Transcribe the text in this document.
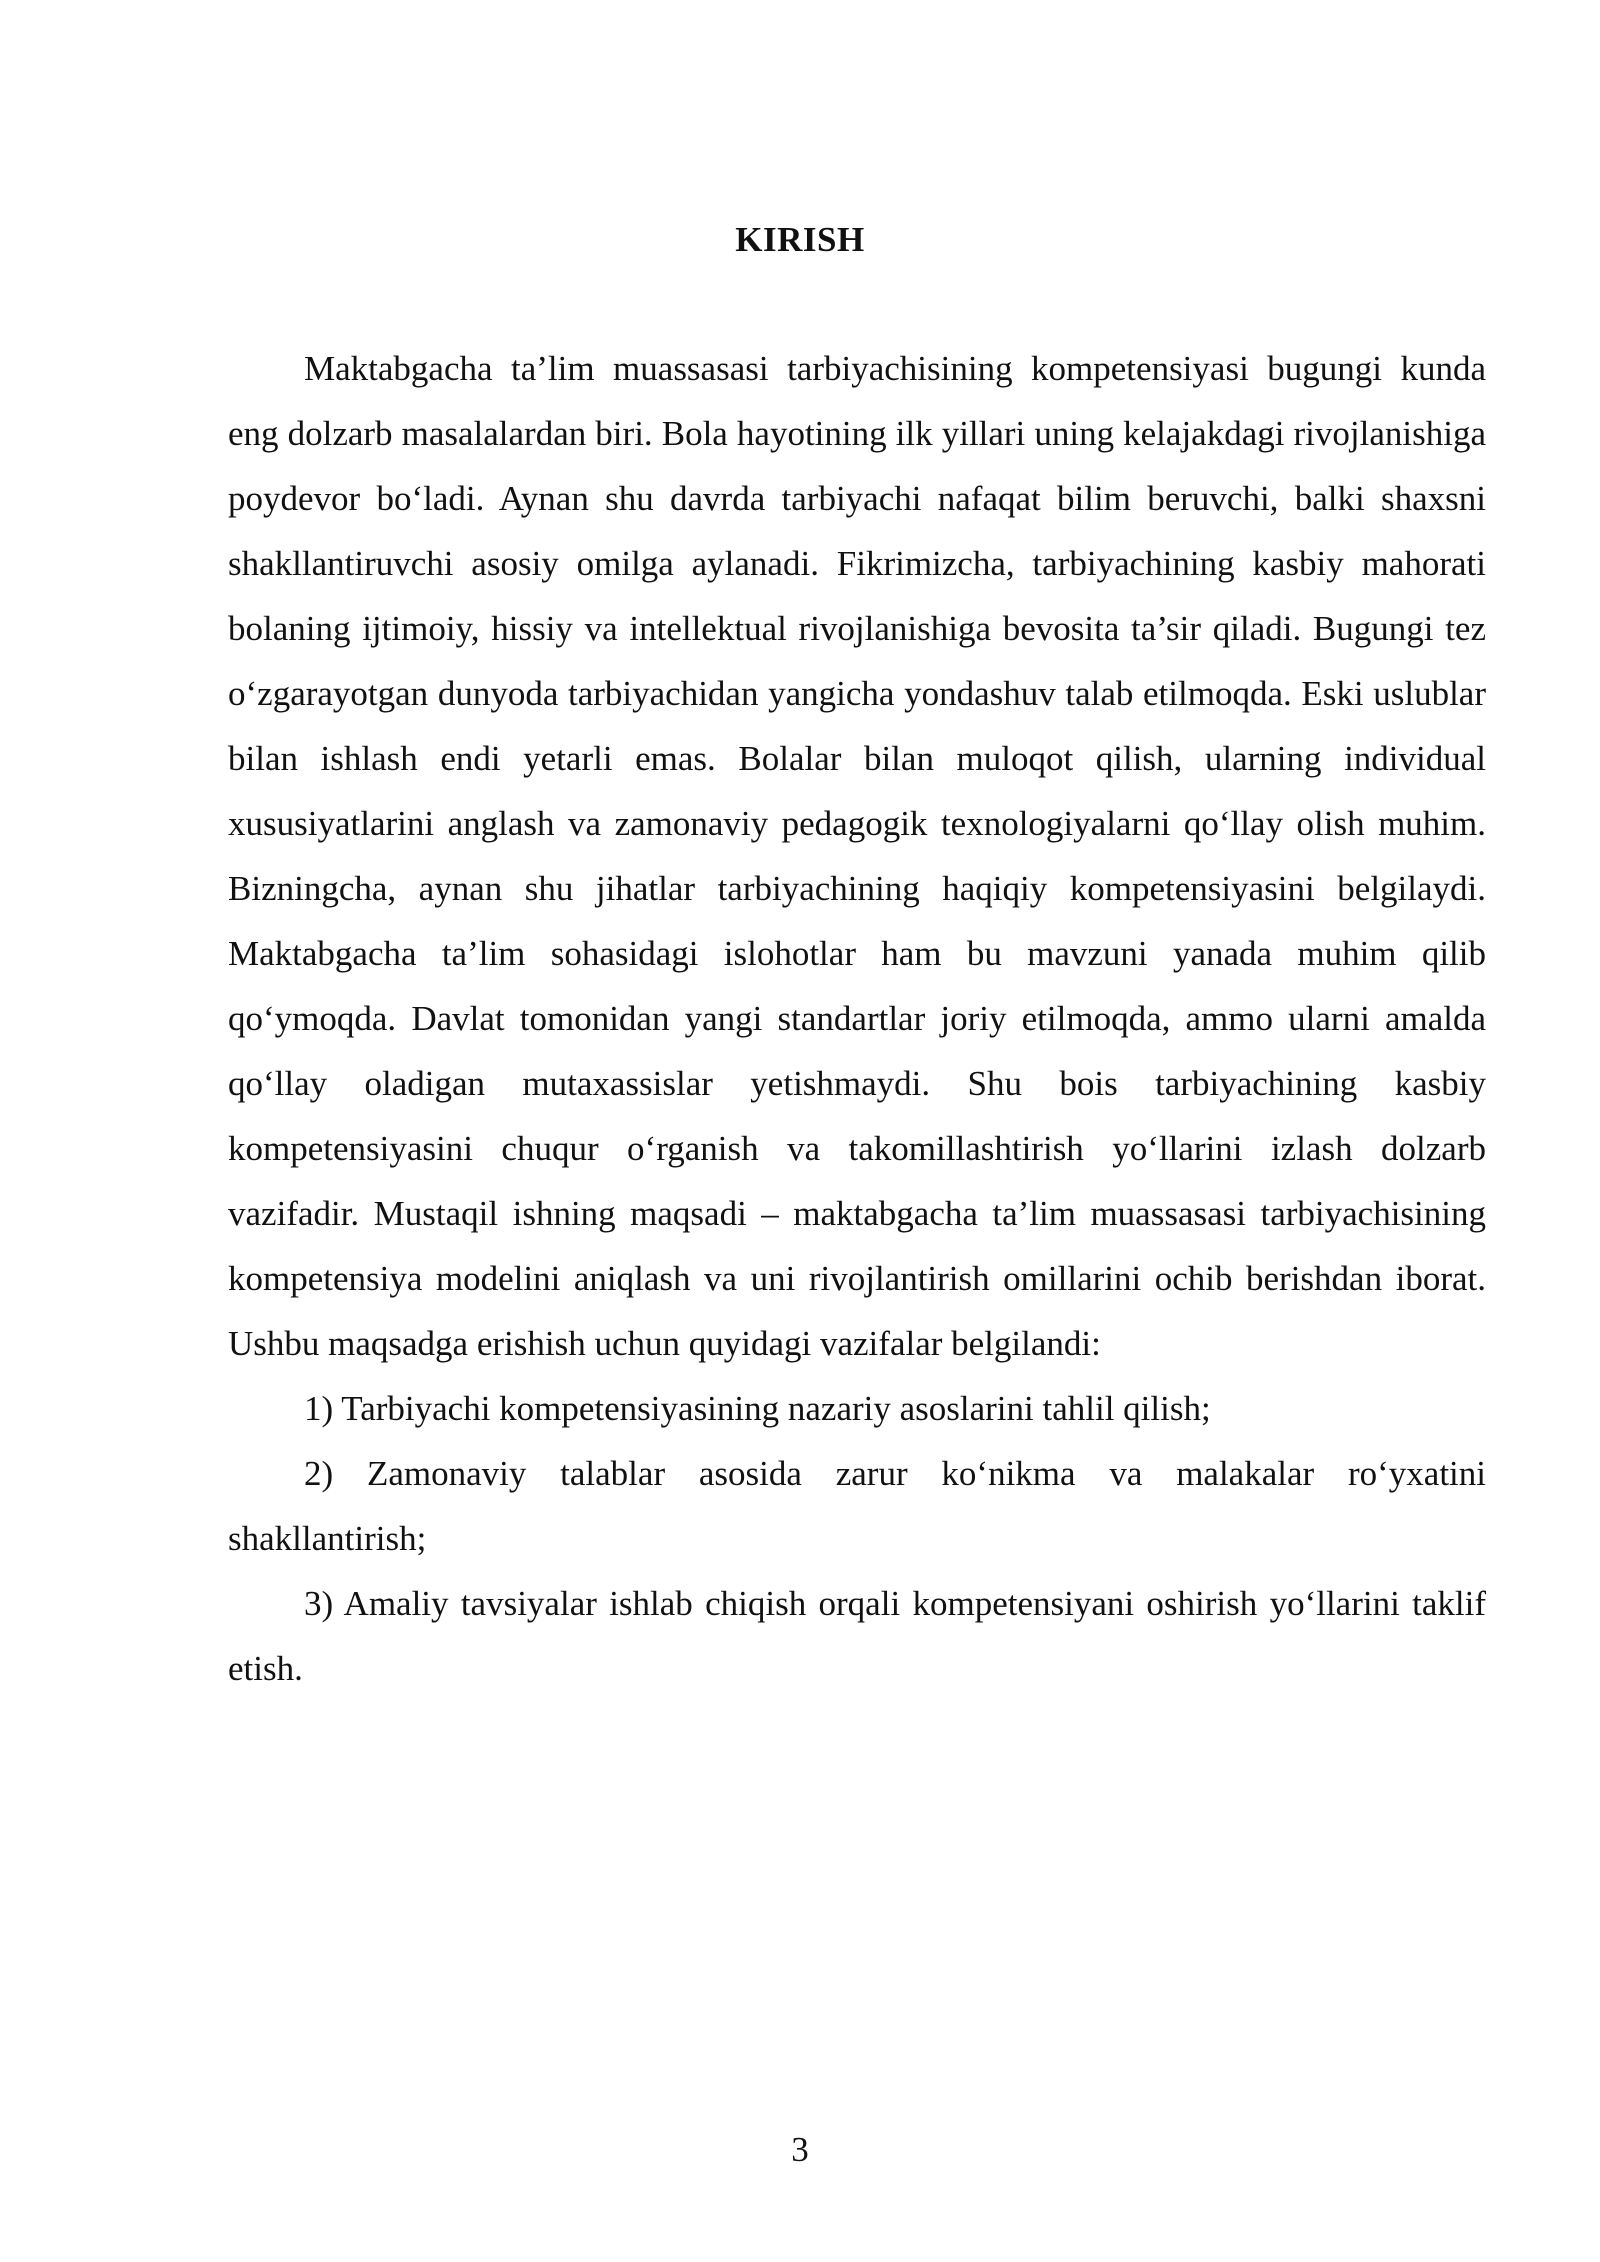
KIRISH

Maktabgacha ta’lim muassasasi tarbiyachisining kompetensiyasi bugungi kunda eng dolzarb masalalardan biri. Bola hayotining ilk yillari uning kelajakdagi rivojlanishiga poydevor bo‘ladi. Aynan shu davrda tarbiyachi nafaqat bilim beruvchi, balki shaxsni shakllantiruvchi asosiy omilga aylanadi. Fikrimizcha, tarbiyachining kasbiy mahorati bolaning ijtimoiy, hissiy va intellektual rivojlanishiga bevosita ta’sir qiladi. Bugungi tez o‘zgarayotgan dunyoda tarbiyachidan yangicha yondashuv talab etilmoqda. Eski uslublar bilan ishlash endi yetarli emas. Bolalar bilan muloqot qilish, ularning individual xususiyatlarini anglash va zamonaviy pedagogik texnologiyalarni qo‘llay olish muhim. Bizningcha, aynan shu jihatlar tarbiyachining haqiqiy kompetensiyasini belgilaydi. Maktabgacha ta’lim sohasidagi islohotlar ham bu mavzuni yanada muhim qilib qo‘ymoqda. Davlat tomonidan yangi standartlar joriy etilmoqda, ammo ularni amalda qo‘llay oladigan mutaxassislar yetishmaydi. Shu bois tarbiyachining kasbiy kompetensiyasini chuqur o‘rganish va takomillashtirish yo‘llarini izlash dolzarb vazifadir. Mustaqil ishning maqsadi – maktabgacha ta’lim muassasasi tarbiyachisining kompetensiya modelini aniqlash va uni rivojlantirish omillarini ochib berishdan iborat. Ushbu maqsadga erishish uchun quyidagi vazifalar belgilandi:

1) Tarbiyachi kompetensiyasining nazariy asoslarini tahlil qilish;

2) Zamonaviy talablar asosida zarur ko‘nikma va malakalar ro‘yxatini shakllantirish;

3) Amaliy tavsiyalar ishlab chiqish orqali kompetensiyani oshirish yo‘llarini taklif etish.

3
